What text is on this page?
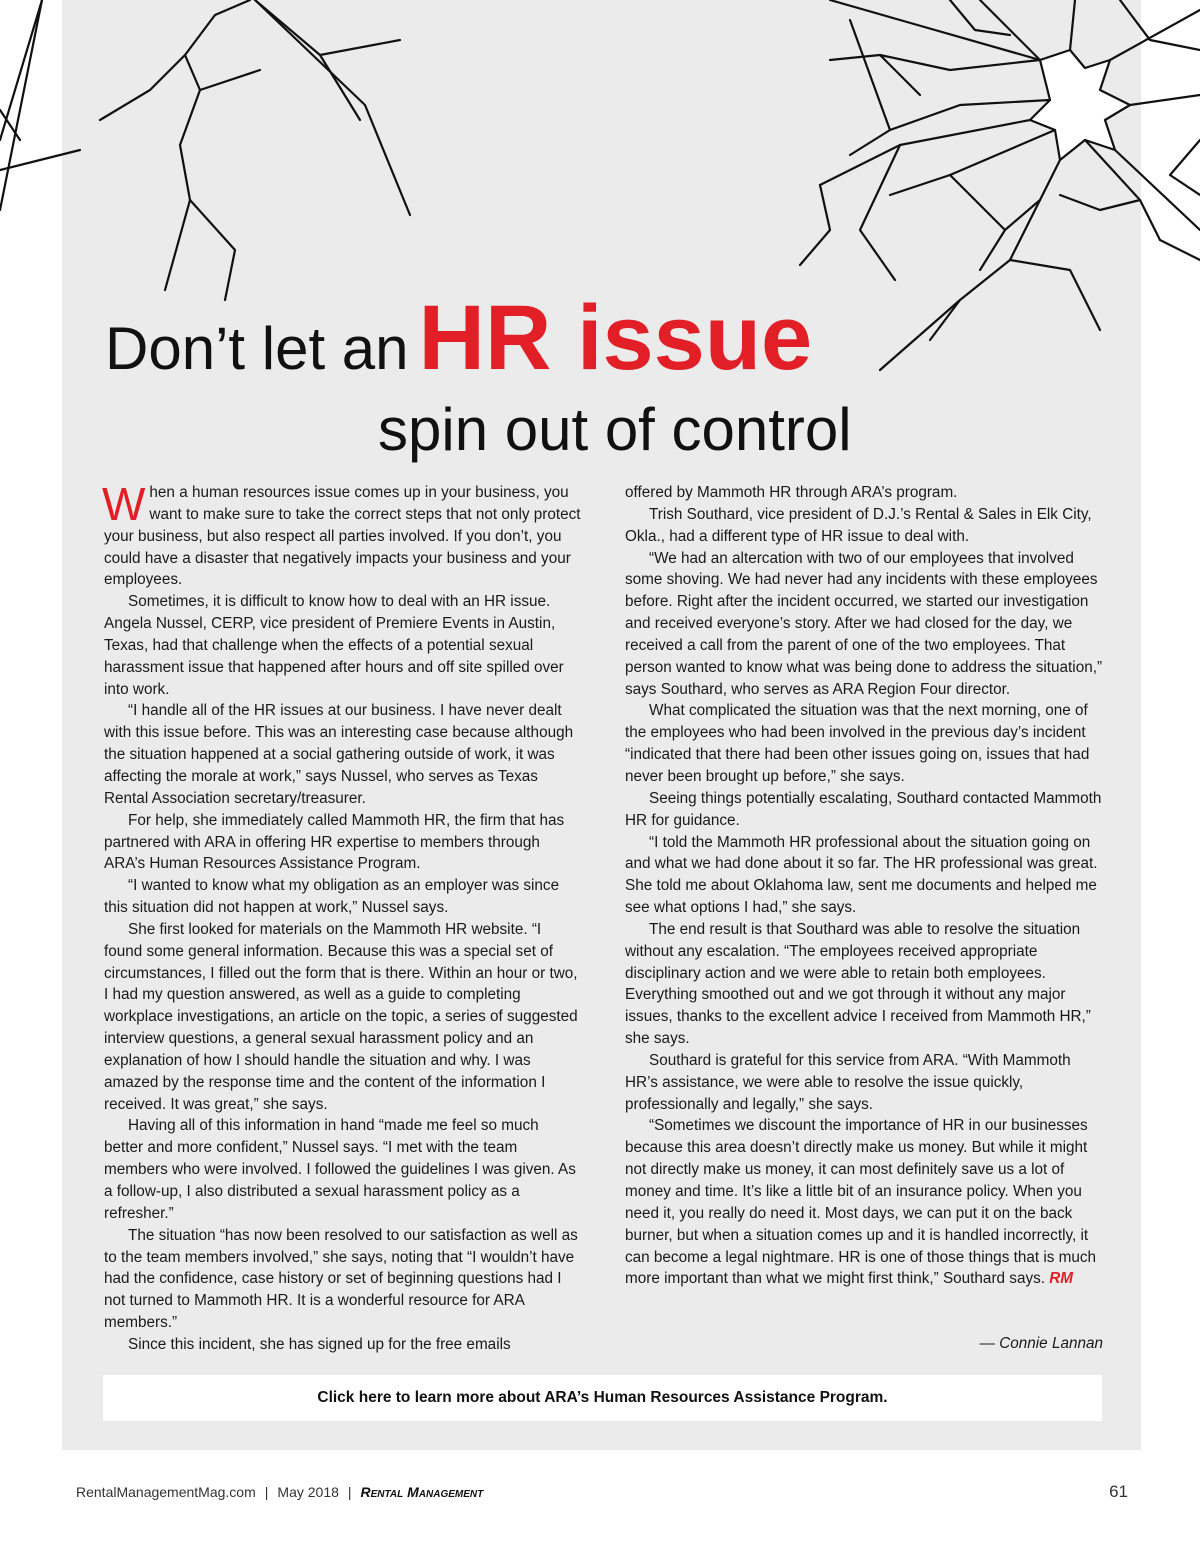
Don’t let an HR issue
spin out of control

When a human resources issue comes up in your business, you want to make sure to take the correct steps that not only protect your business, but also respect all parties involved. If you don’t, you could have a disaster that negatively impacts your business and your employees.

Sometimes, it is difficult to know how to deal with an HR issue. Angela Nussel, CERP, vice president of Premiere Events in Austin, Texas, had that challenge when the effects of a potential sexual harassment issue that happened after hours and off site spilled over into work.

“I handle all of the HR issues at our business. I have never dealt with this issue before. This was an interesting case because although the situation happened at a social gathering outside of work, it was affecting the morale at work,” says Nussel, who serves as Texas Rental Association secretary/treasurer.

For help, she immediately called Mammoth HR, the firm that has partnered with ARA in offering HR expertise to members through ARA’s Human Resources Assistance Program.

“I wanted to know what my obligation as an employer was since this situation did not happen at work,” Nussel says.

She first looked for materials on the Mammoth HR website. “I found some general information. Because this was a special set of circumstances, I filled out the form that is there. Within an hour or two, I had my question answered, as well as a guide to completing workplace investigations, an article on the topic, a series of suggested interview questions, a general sexual harassment policy and an explanation of how I should handle the situation and why. I was amazed by the response time and the content of the information I received. It was great,” she says.

Having all of this information in hand “made me feel so much better and more confident,” Nussel says. “I met with the team members who were involved. I followed the guidelines I was given. As a follow-up, I also distributed a sexual harassment policy as a refresher.”

The situation “has now been resolved to our satisfaction as well as to the team members involved,” she says, noting that “I wouldn’t have had the confidence, case history or set of beginning questions had I not turned to Mammoth HR. It is a wonderful resource for ARA members.”

Since this incident, she has signed up for the free emails

offered by Mammoth HR through ARA’s program.

Trish Southard, vice president of D.J.’s Rental & Sales in Elk City, Okla., had a different type of HR issue to deal with.

“We had an altercation with two of our employees that involved some shoving. We had never had any incidents with these employees before. Right after the incident occurred, we started our investigation and received everyone’s story. After we had closed for the day, we received a call from the parent of one of the two employees. That person wanted to know what was being done to address the situation,” says Southard, who serves as ARA Region Four director.

What complicated the situation was that the next morning, one of the employees who had been involved in the previous day’s incident “indicated that there had been other issues going on, issues that had never been brought up before,” she says.

Seeing things potentially escalating, Southard contacted Mammoth HR for guidance.

“I told the Mammoth HR professional about the situation going on and what we had done about it so far. The HR professional was great. She told me about Oklahoma law, sent me documents and helped me see what options I had,” she says.

The end result is that Southard was able to resolve the situation without any escalation. “The employees received appropriate disciplinary action and we were able to retain both employees. Everything smoothed out and we got through it without any major issues, thanks to the excellent advice I received from Mammoth HR,” she says.

Southard is grateful for this service from ARA. “With Mammoth HR’s assistance, we were able to resolve the issue quickly, professionally and legally,” she says.

“Sometimes we discount the importance of HR in our businesses because this area doesn’t directly make us money. But while it might not directly make us money, it can most definitely save us a lot of money and time. It’s like a little bit of an insurance policy. When you need it, you really do need it. Most days, we can put it on the back burner, but when a situation comes up and it is handled incorrectly, it can become a legal nightmare. HR is one of those things that is much more important than what we might first think,” Southard says. RM

— Connie Lannan
Click here to learn more about ARA’s Human Resources Assistance Program.
RentalManagementMag.com | May 2018 | Rental Management	61
